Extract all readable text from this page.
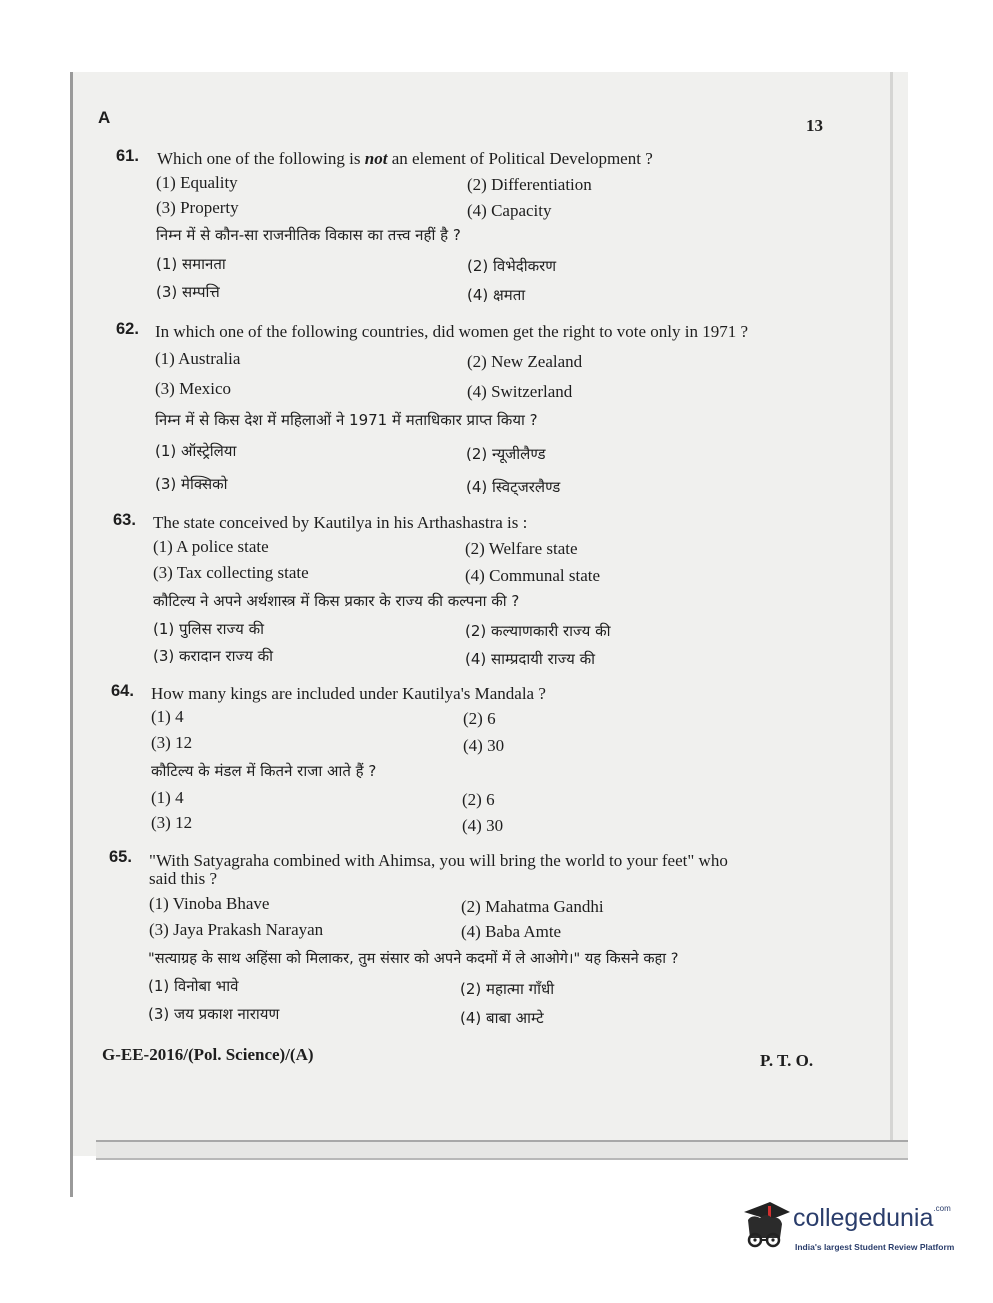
A	13
61. Which one of the following is not an element of Political Development ?
(1) Equality	(2) Differentiation
(3) Property	(4) Capacity
निम्न में से कौन-सा राजनीतिक विकास का तत्त्व नहीं है ?
(1) समानता	(2) विभेदीकरण
(3) सम्पत्ति	(4) क्षमता
62. In which one of the following countries, did women get the right to vote only in 1971 ?
(1) Australia	(2) New Zealand
(3) Mexico	(4) Switzerland
निम्न में से किस देश में महिलाओं ने 1971 में मताधिकार प्राप्त किया ?
(1) ऑस्ट्रेलिया	(2) न्यूजीलैण्ड
(3) मेक्सिको	(4) स्विट्जरलैण्ड
63. The state conceived by Kautilya in his Arthashastra is :
(1) A police state	(2) Welfare state
(3) Tax collecting state	(4) Communal state
कौटिल्य ने अपने अर्थशास्त्र में किस प्रकार के राज्य की कल्पना की ?
(1) पुलिस राज्य की	(2) कल्याणकारी राज्य की
(3) करादान राज्य की	(4) साम्प्रदायी राज्य की
64. How many kings are included under Kautilya's Mandala ?
(1) 4	(2) 6
(3) 12	(4) 30
कौटिल्य के मंडल में कितने राजा आते हैं ?
(1) 4	(2) 6
(3) 12	(4) 30
65. "With Satyagraha combined with Ahimsa, you will bring the world to your feet" who
said this ?
(1) Vinoba Bhave	(2) Mahatma Gandhi
(3) Jaya Prakash Narayan	(4) Baba Amte
"सत्याग्रह के साथ अहिंसा को मिलाकर, तुम संसार को अपने कदमों में ले आओगे।" यह किसने कहा ?
(1) विनोबा भावे	(2) महात्मा गाँधी
(3) जय प्रकाश नारायण	(4) बाबा आम्टे
G-EE-2016/(Pol. Science)/(A)	P. T. O.
collegedunia$^{.com}$
India's largest Student Review Platform
